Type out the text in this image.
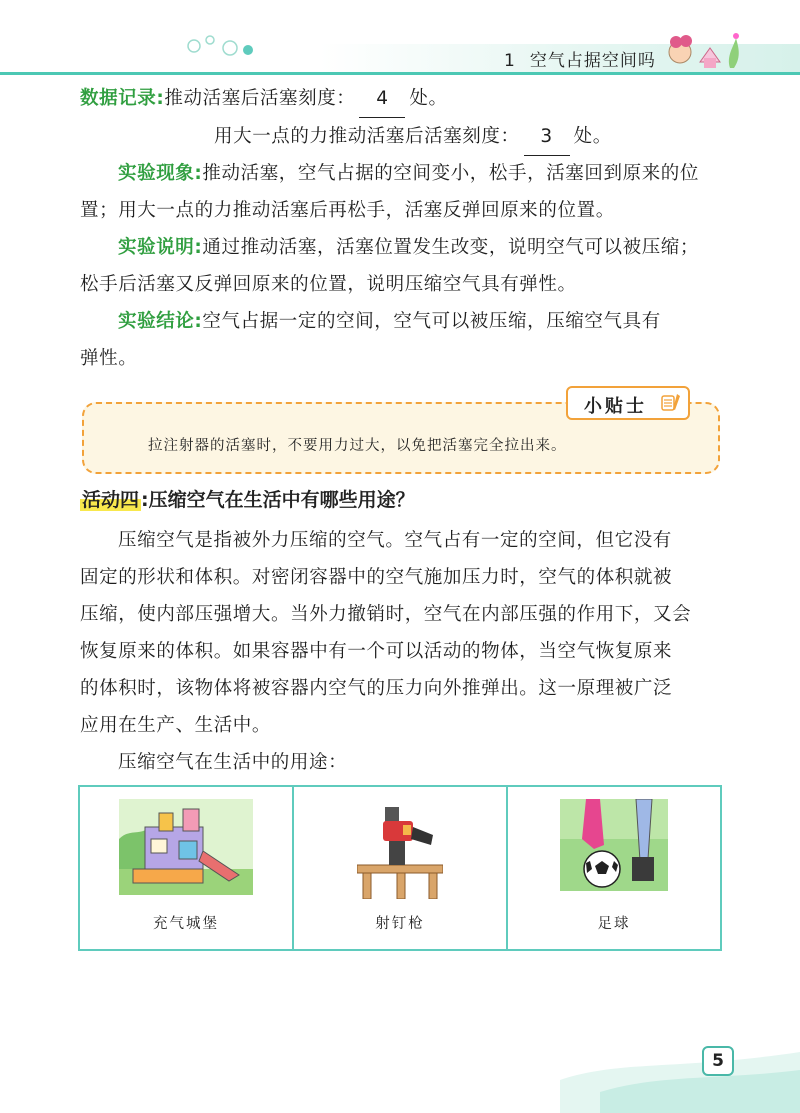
1 空气占据空间吗
数据记录:推动活塞后活塞刻度： 4 处。
用大一点的力推动活塞后活塞刻度： 3 处。
实验现象:推动活塞，空气占据的空间变小，松手，活塞回到原来的位
置；用大一点的力推动活塞后再松手，活塞反弹回原来的位置。
实验说明:通过推动活塞，活塞位置发生改变，说明空气可以被压缩；
松手后活塞又反弹回原来的位置，说明压缩空气具有弹性。
实验结论:空气占据一定的空间，空气可以被压缩，压缩空气具有
弹性。
小贴士
拉注射器的活塞时，不要用力过大，以免把活塞完全拉出来。
活动四 :压缩空气在生活中有哪些用途？
压缩空气是指被外力压缩的空气。空气占有一定的空间，但它没有
固定的形状和体积。对密闭容器中的空气施加压力时，空气的体积就被
压缩，使内部压强增大。当外力撤销时，空气在内部压强的作用下，又会
恢复原来的体积。如果容器中有一个可以活动的物体，当空气恢复原来
的体积时，该物体将被容器内空气的压力向外推弹出。这一原理被广泛
应用在生产、生活中。
压缩空气在生活中的用途：
充气城堡	射钉枪	足球
5
